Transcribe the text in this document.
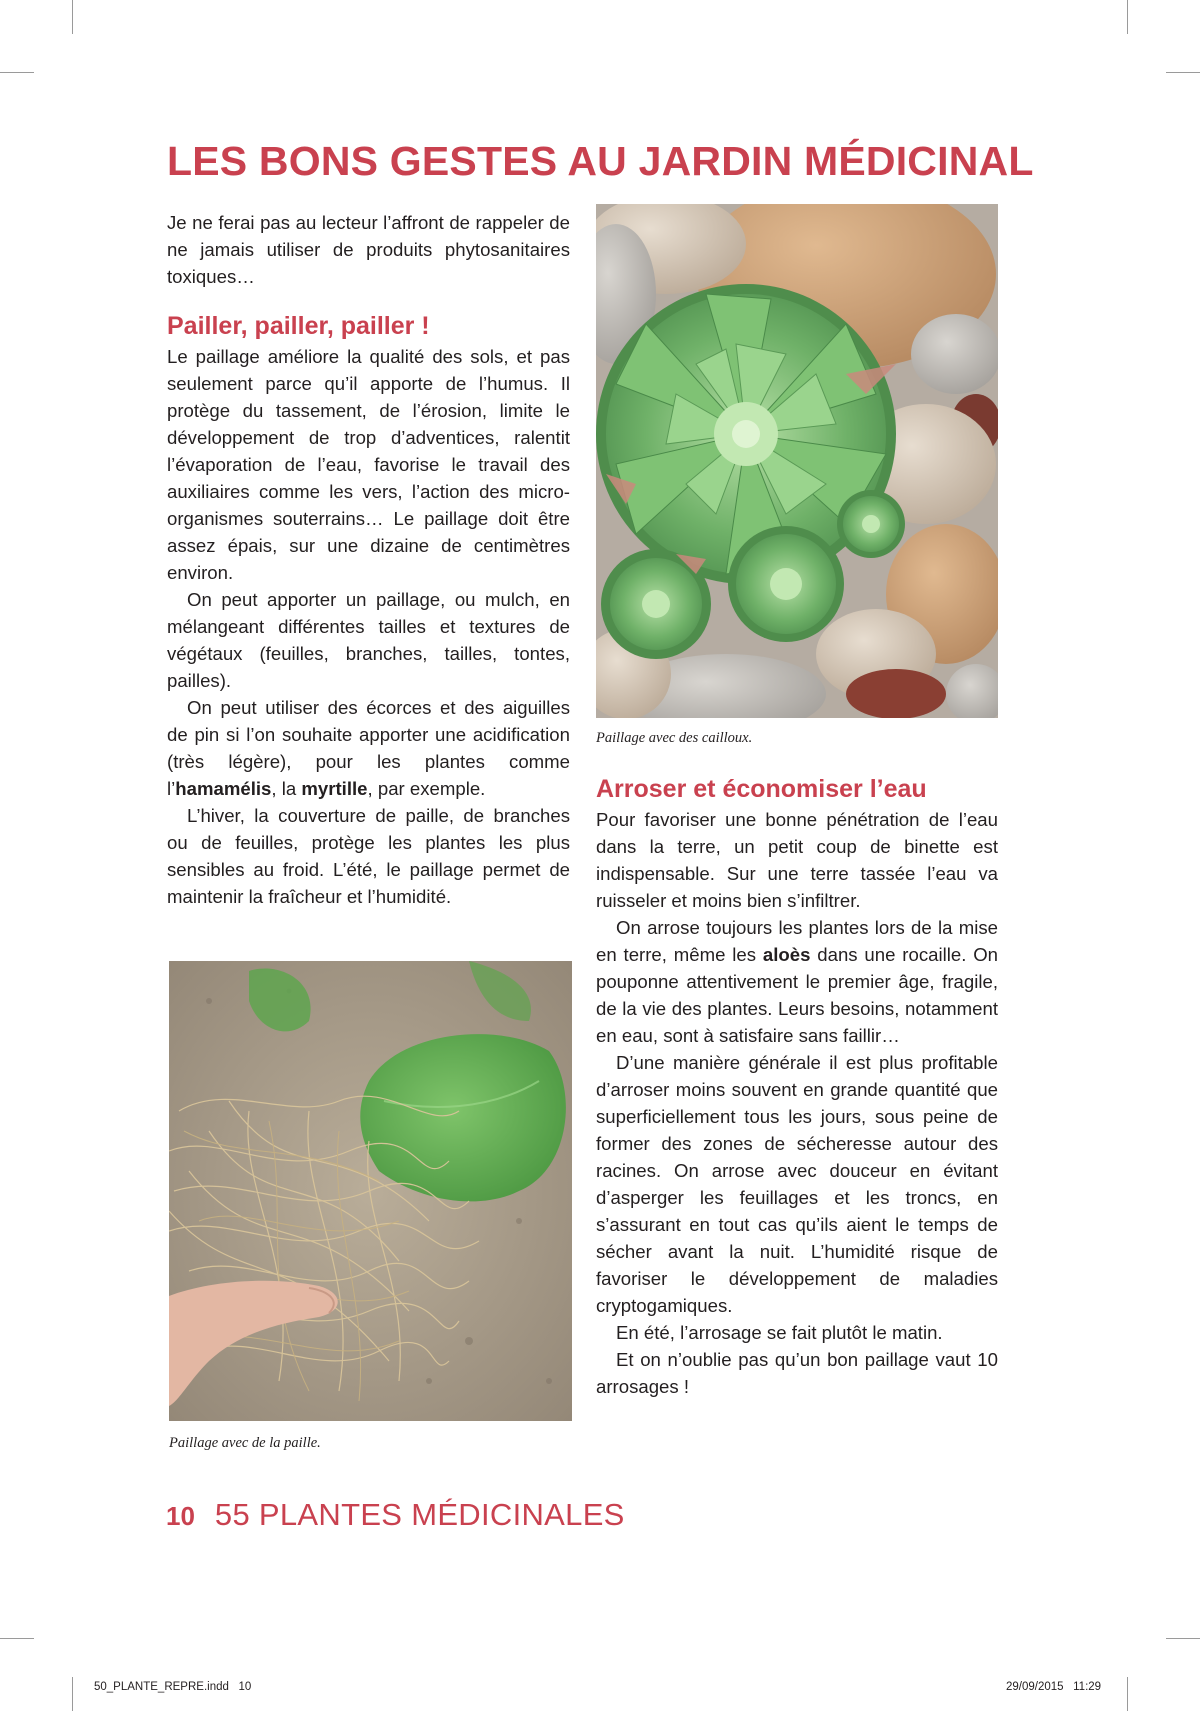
LES BONS GESTES AU JARDIN MÉDICINAL

Je ne ferai pas au lecteur l’affront de rappeler de ne jamais utiliser de produits phytosanitaires toxiques…

Pailler, pailler, pailler !

Le paillage améliore la qualité des sols, et pas seulement parce qu’il apporte de l’humus. Il protège du tassement, de l’érosion, limite le développement de trop d’adventices, ralentit l’évaporation de l’eau, favorise le travail des auxiliaires comme les vers, l’action des micro-organismes souterrains… Le paillage doit être assez épais, sur une dizaine de centimètres environ.

On peut apporter un paillage, ou mulch, en mélangeant différentes tailles et textures de végétaux (feuilles, branches, tailles, tontes, pailles).

On peut utiliser des écorces et des aiguilles de pin si l’on souhaite apporter une acidification (très légère), pour les plantes comme l’hamamélis, la myrtille, par exemple.

L’hiver, la couverture de paille, de branches ou de feuilles, protège les plantes les plus sensibles au froid. L’été, le paillage permet de maintenir la fraîcheur et l’humidité.

Paillage avec de la paille.
Paillage avec des cailloux.
Arroser et économiser l’eau

Pour favoriser une bonne pénétration de l’eau dans la terre, un petit coup de binette est indispensable. Sur une terre tassée l’eau va ruisseler et moins bien s’infiltrer.

On arrose toujours les plantes lors de la mise en terre, même les aloès dans une rocaille. On pouponne attentivement le premier âge, fragile, de la vie des plantes. Leurs besoins, notamment en eau, sont à satisfaire sans faillir…

D’une manière générale il est plus profitable d’arroser moins souvent en grande quantité que superficiellement tous les jours, sous peine de former des zones de sécheresse autour des racines. On arrose avec douceur en évitant d’asperger les feuillages et les troncs, en s’assurant en tout cas qu’ils aient le temps de sécher avant la nuit. L’humidité risque de favoriser le développement de maladies cryptogamiques.

En été, l’arrosage se fait plutôt le matin.

Et on n’oublie pas qu’un bon paillage vaut 10 arrosages !

10 55 PLANTES MÉDICINALES
50_PLANTE_REPRE.indd   10	29/09/2015   11:29
